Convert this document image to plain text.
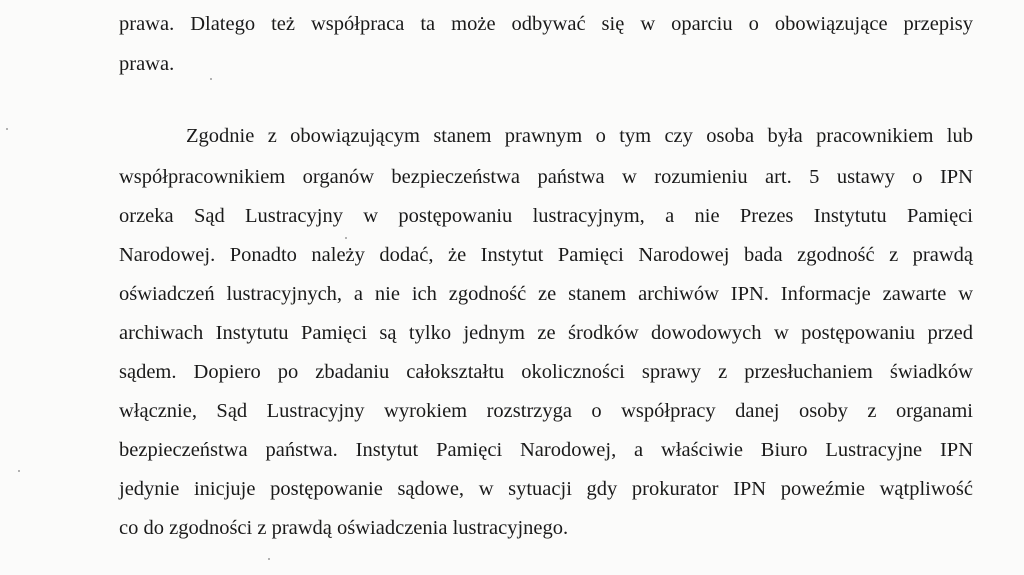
prawa. Dlatego też współpraca ta może odbywać się w oparciu o obowiązujące przepisy
prawa.
Zgodnie z obowiązującym stanem prawnym o tym czy osoba była pracownikiem lub
współpracownikiem organów bezpieczeństwa państwa w rozumieniu art. 5 ustawy o IPN
orzeka Sąd Lustracyjny w postępowaniu lustracyjnym, a nie Prezes Instytutu Pamięci
Narodowej. Ponadto należy dodać, że Instytut Pamięci Narodowej bada zgodność z prawdą
oświadczeń lustracyjnych, a nie ich zgodność ze stanem archiwów IPN. Informacje zawarte w
archiwach Instytutu Pamięci są tylko jednym ze środków dowodowych w postępowaniu przed
sądem. Dopiero po zbadaniu całokształtu okoliczności sprawy z przesłuchaniem świadków
włącznie, Sąd Lustracyjny wyrokiem rozstrzyga o współpracy danej osoby z organami
bezpieczeństwa państwa. Instytut Pamięci Narodowej, a właściwie Biuro Lustracyjne IPN
jedynie inicjuje postępowanie sądowe, w sytuacji gdy prokurator IPN poweźmie wątpliwość
co do zgodności z prawdą oświadczenia lustracyjnego.
